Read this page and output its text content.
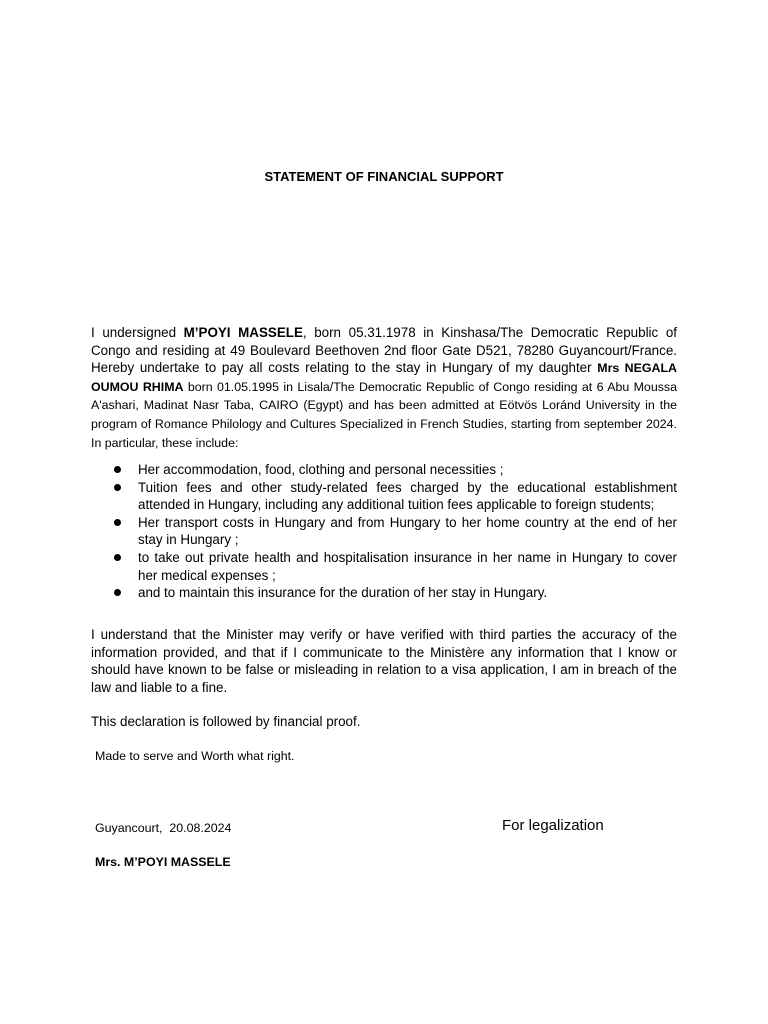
STATEMENT OF FINANCIAL SUPPORT
I undersigned M’POYI MASSELE, born 05.31.1978 in Kinshasa/The Democratic Republic of Congo and residing at 49 Boulevard Beethoven 2nd floor Gate D521, 78280 Guyancourt/France. Hereby undertake to pay all costs relating to the stay in Hungary of my daughter Mrs NEGALA OUMOU RHIMA born 01.05.1995 in Lisala/The Democratic Republic of Congo residing at 6 Abu Moussa A'ashari, Madinat Nasr Taba, CAIRO (Egypt) and has been admitted at Eötvös Loránd University in the program of Romance Philology and Cultures Specialized in French Studies, starting from september 2024. In particular, these include:
Her accommodation, food, clothing and personal necessities ;
Tuition fees and other study-related fees charged by the educational establishment attended in Hungary, including any additional tuition fees applicable to foreign students;
Her transport costs in Hungary and from Hungary to her home country at the end of her stay in Hungary ;
to take out private health and hospitalisation insurance in her name in Hungary to cover her medical expenses ;
and to maintain this insurance for the duration of her stay in Hungary.
I understand that the Minister may verify or have verified with third parties the accuracy of the information provided, and that if I communicate to the Ministère any information that I know or should have known to be false or misleading in relation to a visa application, I am in breach of the law and liable to a fine.
This declaration is followed by financial proof.
Made to serve and Worth what right.
Guyancourt,  20.08.2024	For legalization
Mrs. M’POYI MASSELE
